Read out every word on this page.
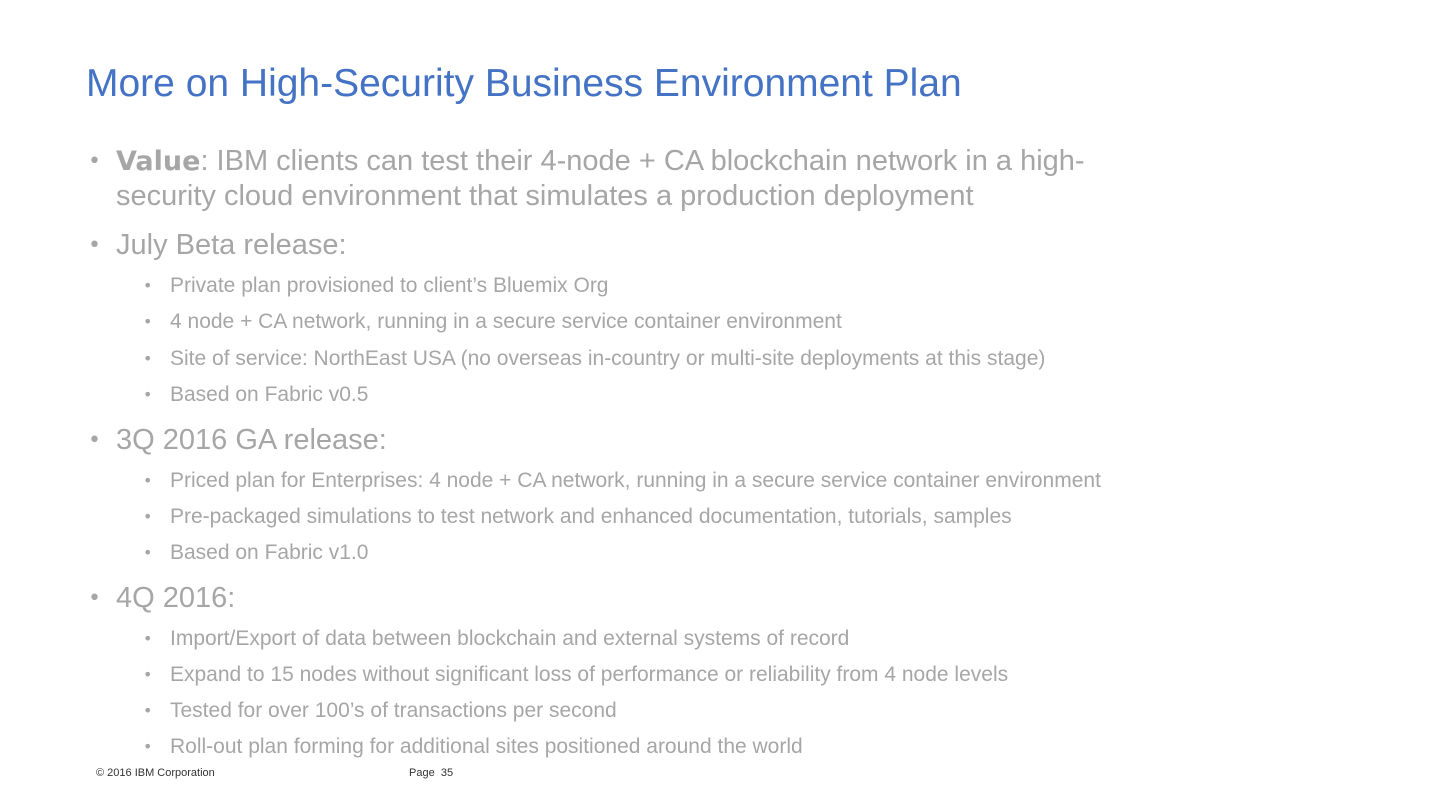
More on High-Security Business Environment Plan
• Value: IBM clients can test their 4-node + CA blockchain network in a high-
security cloud environment that simulates a production deployment
• July Beta release:
• Private plan provisioned to client’s Bluemix Org
• 4 node + CA network, running in a secure service container environment
• Site of service: NorthEast USA (no overseas in-country or multi-site deployments at this stage)
• Based on Fabric v0.5
• 3Q 2016 GA release:
• Priced plan for Enterprises: 4 node + CA network, running in a secure service container environment
• Pre-packaged simulations to test network and enhanced documentation, tutorials, samples
• Based on Fabric v1.0
• 4Q 2016:
• Import/Export of data between blockchain and external systems of record
• Expand to 15 nodes without significant loss of performance or reliability from 4 node levels
• Tested for over 100’s of transactions per second
• Roll-out plan forming for additional sites positioned around the world
© 2016 IBM Corporation	Page 35
